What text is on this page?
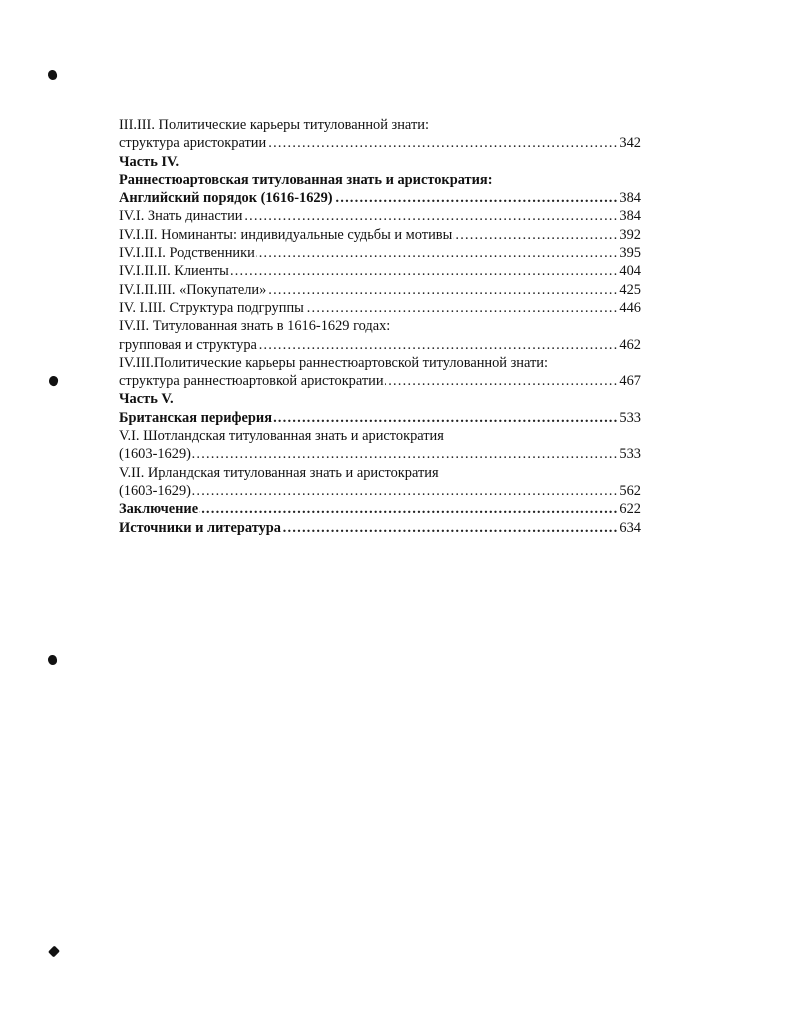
III.III. Политические карьеры титулованной знати:
структура аристократии	342
…………………………………………………………………………………………………………………………………………………………
Часть IV.
Раннестюартовская титулованная знать и аристократия:
Английский порядок (1616-1629)	384
…………………………………………………………………………………………………………………………………………………………
IV.I. Знать династии	384
…………………………………………………………………………………………………………………………………………………………
IV.I.II. Номинанты: индивидуальные судьбы и мотивы	392
…………………………………………………………………………………………………………………………………………………………
IV.I.II.I. Родственники	395
…………………………………………………………………………………………………………………………………………………………
IV.I.II.II. Клиенты	404
…………………………………………………………………………………………………………………………………………………………
IV.I.II.III. «Покупатели»	425
…………………………………………………………………………………………………………………………………………………………
IV. I.III. Структура подгруппы	446
…………………………………………………………………………………………………………………………………………………………
IV.II. Титулованная знать в 1616-1629 годах:
групповая и структура	462
…………………………………………………………………………………………………………………………………………………………
IV.III.Политические карьеры раннестюартовской титулованной знати:
структура раннестюартовкой аристократии	467
…………………………………………………………………………………………………………………………………………………………
Часть V.
Британская периферия	533
…………………………………………………………………………………………………………………………………………………………
V.I. Шотландская титулованная знать и аристократия
(1603-1629)	533
…………………………………………………………………………………………………………………………………………………………
V.II. Ирландская титулованная знать и аристократия
(1603-1629)	562
…………………………………………………………………………………………………………………………………………………………
Заключение	622
…………………………………………………………………………………………………………………………………………………………
Источники и литература	634
…………………………………………………………………………………………………………………………………………………………
